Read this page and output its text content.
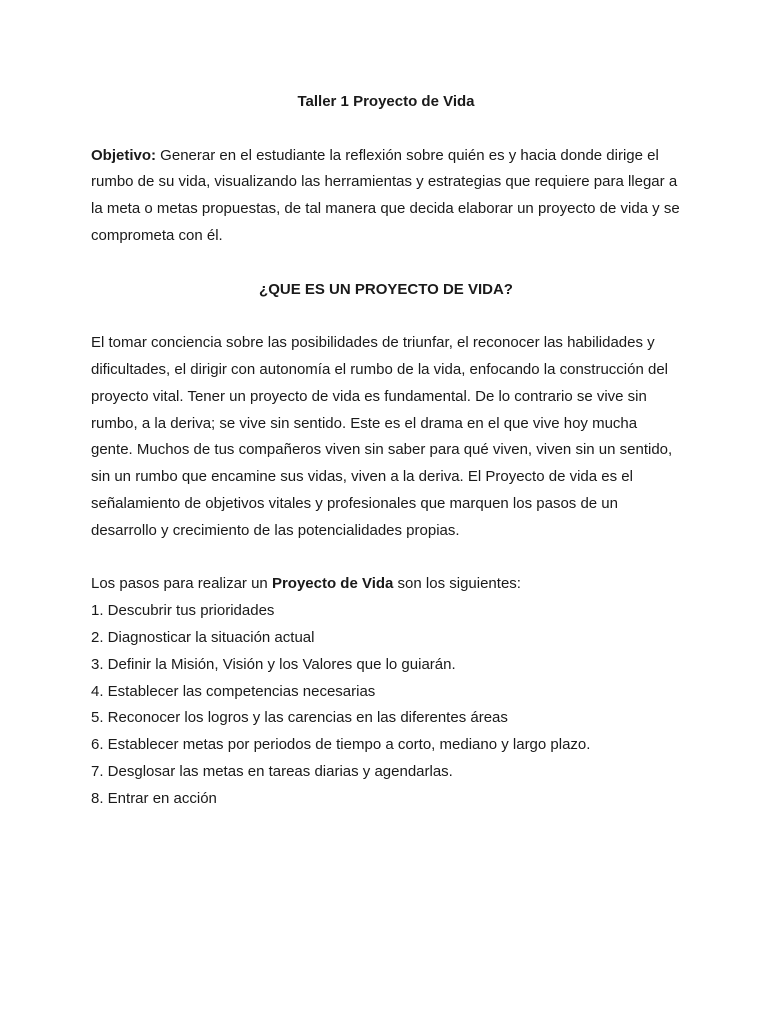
Taller 1 Proyecto de Vida

Objetivo: Generar en el estudiante la reflexión sobre quién es y hacia donde dirige el rumbo de su vida, visualizando las herramientas y estrategias que requiere para llegar a la meta o metas propuestas, de tal manera que decida elaborar un proyecto de vida y se comprometa con él.

¿QUE ES UN PROYECTO DE VIDA?

El tomar conciencia sobre las posibilidades de triunfar, el reconocer las habilidades y dificultades, el dirigir con autonomía el rumbo de la vida, enfocando la construcción del proyecto vital. Tener un proyecto de vida es fundamental. De lo contrario se vive sin rumbo, a la deriva; se vive sin sentido. Este es el drama en el que vive hoy mucha gente. Muchos de tus compañeros viven sin saber para qué viven, viven sin un sentido, sin un rumbo que encamine sus vidas, viven a la deriva. El Proyecto de vida es el señalamiento de objetivos vitales y profesionales que marquen los pasos de un desarrollo y crecimiento de las potencialidades propias.

Los pasos para realizar un Proyecto de Vida son los siguientes:

1. Descubrir tus prioridades
2. Diagnosticar la situación actual
3. Definir la Misión, Visión y los Valores que lo guiarán.
4. Establecer las competencias necesarias
5. Reconocer los logros y las carencias en las diferentes áreas
6. Establecer metas por periodos de tiempo a corto, mediano y largo plazo.
7. Desglosar las metas en tareas diarias y agendarlas.
8. Entrar en acción
